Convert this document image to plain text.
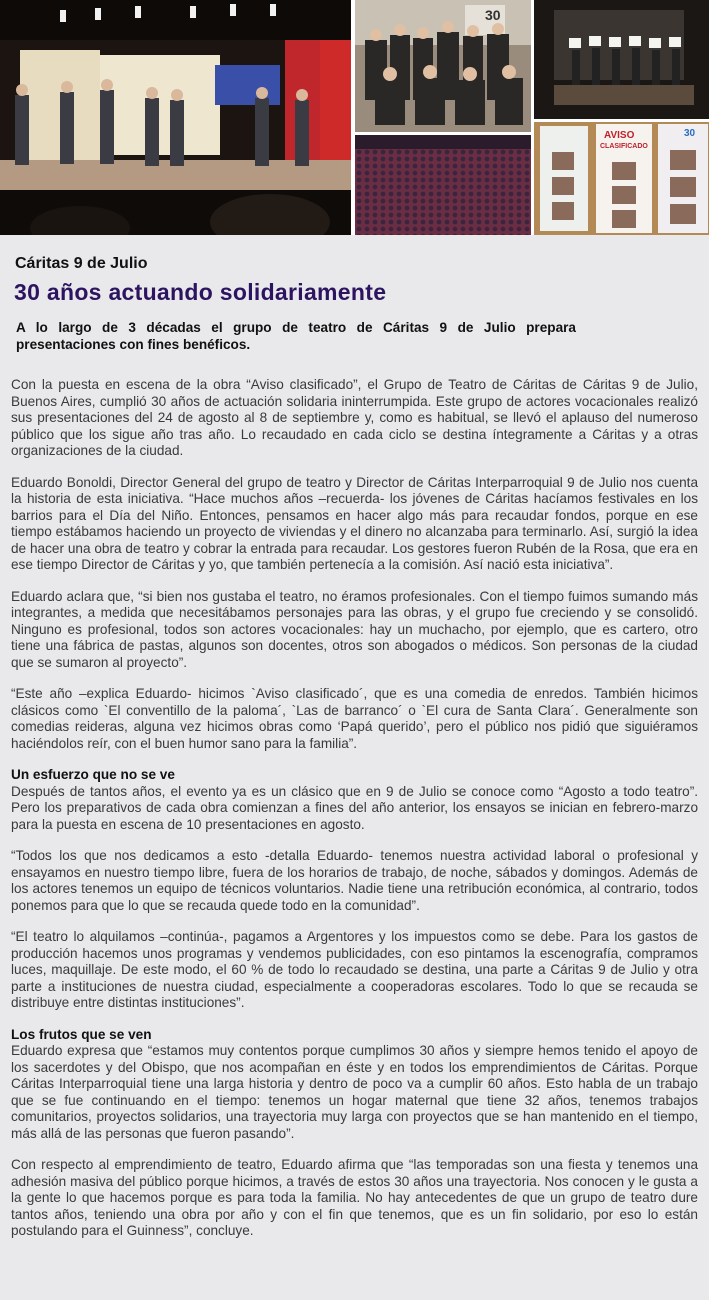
30
AVISO
CLASIFICADO
30
Cáritas 9 de Julio
30 años actuando solidariamente

A lo largo de 3 décadas el grupo de teatro de Cáritas 9 de Julio prepara presentaciones con fines benéficos.

Con la puesta en escena de la obra “Aviso clasificado”, el Grupo de Teatro de Cáritas de Cáritas 9 de Julio, Buenos Aires, cumplió 30 años de actuación solidaria ininterrumpida. Este grupo de actores vocacionales realizó sus presentaciones del 24 de agosto al 8 de septiembre y, como es habitual, se llevó el aplauso del numeroso público que los sigue año tras año. Lo recaudado en cada ciclo se destina íntegramente a Cáritas y a otras organizaciones de la ciudad.

Eduardo Bonoldi, Director General del grupo de teatro y Director de Cáritas Interparroquial 9 de Julio nos cuenta la historia de esta iniciativa. “Hace muchos años –recuerda- los jóvenes de Cáritas hacíamos festivales en los barrios para el Día del Niño. Entonces, pensamos en hacer algo más para recaudar fondos, porque en ese tiempo estábamos haciendo un proyecto de viviendas y el dinero no alcanzaba para terminarlo. Así, surgió la idea de hacer una obra de teatro y cobrar la entrada para recaudar. Los gestores fueron Rubén de la Rosa, que era en ese tiempo Director de Cáritas y yo, que también pertenecía a la comisión. Así nació esta iniciativa”.

Eduardo aclara que, “si bien nos gustaba el teatro, no éramos profesionales. Con el tiempo fuimos sumando más integrantes, a medida que necesitábamos personajes para las obras, y el grupo fue creciendo y se consolidó. Ninguno es profesional, todos son actores vocacionales: hay un muchacho, por ejemplo, que es cartero, otro tiene una fábrica de pastas, algunos son docentes, otros son abogados o médicos. Son personas de la ciudad que se sumaron al proyecto”.

“Este año –explica Eduardo- hicimos `Aviso clasificado´, que es una comedia de enredos. También hicimos clásicos como `El conventillo de la paloma´, `Las de barranco´ o `El cura de Santa Clara´. Generalmente son comedias reideras, alguna vez hicimos obras como ‘Papá querido’, pero el público nos pidió que siguiéramos haciéndolos reír, con el buen humor sano para la familia”.

Un esfuerzo que no se ve

Después de tantos años, el evento ya es un clásico que en 9 de Julio se conoce como “Agosto a todo teatro”. Pero los preparativos de cada obra comienzan a fines del año anterior, los ensayos se inician en febrero-marzo para la puesta en escena de 10 presentaciones en agosto.

“Todos los que nos dedicamos a esto -detalla Eduardo- tenemos nuestra actividad laboral o profesional y ensayamos en nuestro tiempo libre, fuera de los horarios de trabajo, de noche, sábados y domingos. Además de los actores tenemos un equipo de técnicos voluntarios. Nadie tiene una retribución económica, al contrario, todos ponemos para que lo que se recauda quede todo en la comunidad”.

“El teatro lo alquilamos –continúa-, pagamos a Argentores y los impuestos como se debe. Para los gastos de producción hacemos unos programas y vendemos publicidades, con eso pintamos la escenografía, compramos luces, maquillaje. De este modo, el 60 % de todo lo recaudado se destina, una parte a Cáritas 9 de Julio y otra parte a instituciones de nuestra ciudad, especialmente a cooperadoras escolares. Todo lo que se recauda se distribuye entre distintas instituciones”.

Los frutos que se ven

Eduardo expresa que “estamos muy contentos porque cumplimos 30 años y siempre hemos tenido el apoyo de los sacerdotes y del Obispo, que nos acompañan en éste y en todos los emprendimientos de Cáritas. Porque Cáritas Interparroquial tiene una larga historia y dentro de poco va a cumplir 60 años. Esto habla de un trabajo que se fue continuando en el tiempo: tenemos un hogar maternal que tiene 32 años, tenemos trabajos comunitarios, proyectos solidarios, una trayectoria muy larga con proyectos que se han mantenido en el tiempo, más allá de las personas que fueron pasando”.

Con respecto al emprendimiento de teatro, Eduardo afirma que “las temporadas son una fiesta y tenemos una adhesión masiva del público porque hicimos, a través de estos 30 años una trayectoria. Nos conocen y le gusta a la gente lo que hacemos porque es para toda la familia. No hay antecedentes de que un grupo de teatro dure tantos años, teniendo una obra por año y con el fin que tenemos, que es un fin solidario, por eso lo están postulando para el Guinness”, concluye.
